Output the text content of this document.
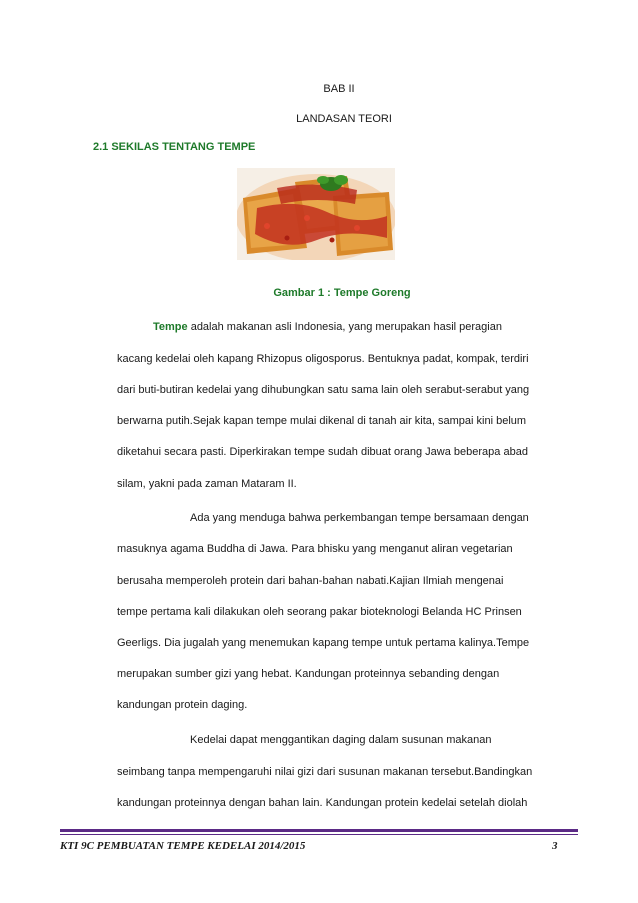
BAB II
LANDASAN TEORI
2.1 SEKILAS TENTANG TEMPE
Gambar 1 : Tempe Goreng
Tempe adalah makanan asli Indonesia, yang merupakan hasil peragian
kacang kedelai oleh kapang Rhizopus oligosporus. Bentuknya padat, kompak, terdiri
dari buti-butiran kedelai yang dihubungkan satu sama lain oleh serabut-serabut yang
berwarna putih.Sejak kapan tempe mulai dikenal di tanah air kita, sampai kini belum
diketahui secara pasti. Diperkirakan tempe sudah dibuat orang Jawa beberapa abad
silam, yakni pada zaman Mataram II.
Ada yang menduga bahwa perkembangan tempe bersamaan dengan
masuknya agama Buddha di Jawa. Para bhisku yang menganut aliran vegetarian
berusaha memperoleh protein dari bahan-bahan nabati.Kajian Ilmiah mengenai
tempe pertama kali dilakukan oleh seorang pakar bioteknologi Belanda HC Prinsen
Geerligs. Dia jugalah yang menemukan kapang tempe untuk pertama kalinya.Tempe
merupakan sumber gizi yang hebat. Kandungan proteinnya sebanding dengan
kandungan protein daging.
Kedelai dapat menggantikan daging dalam susunan makanan
seimbang tanpa mempengaruhi nilai gizi dari susunan makanan tersebut.Bandingkan
kandungan proteinnya dengan bahan lain. Kandungan protein kedelai setelah diolah
KTI 9C PEMBUATAN TEMPE KEDELAI 2014/2015	3
